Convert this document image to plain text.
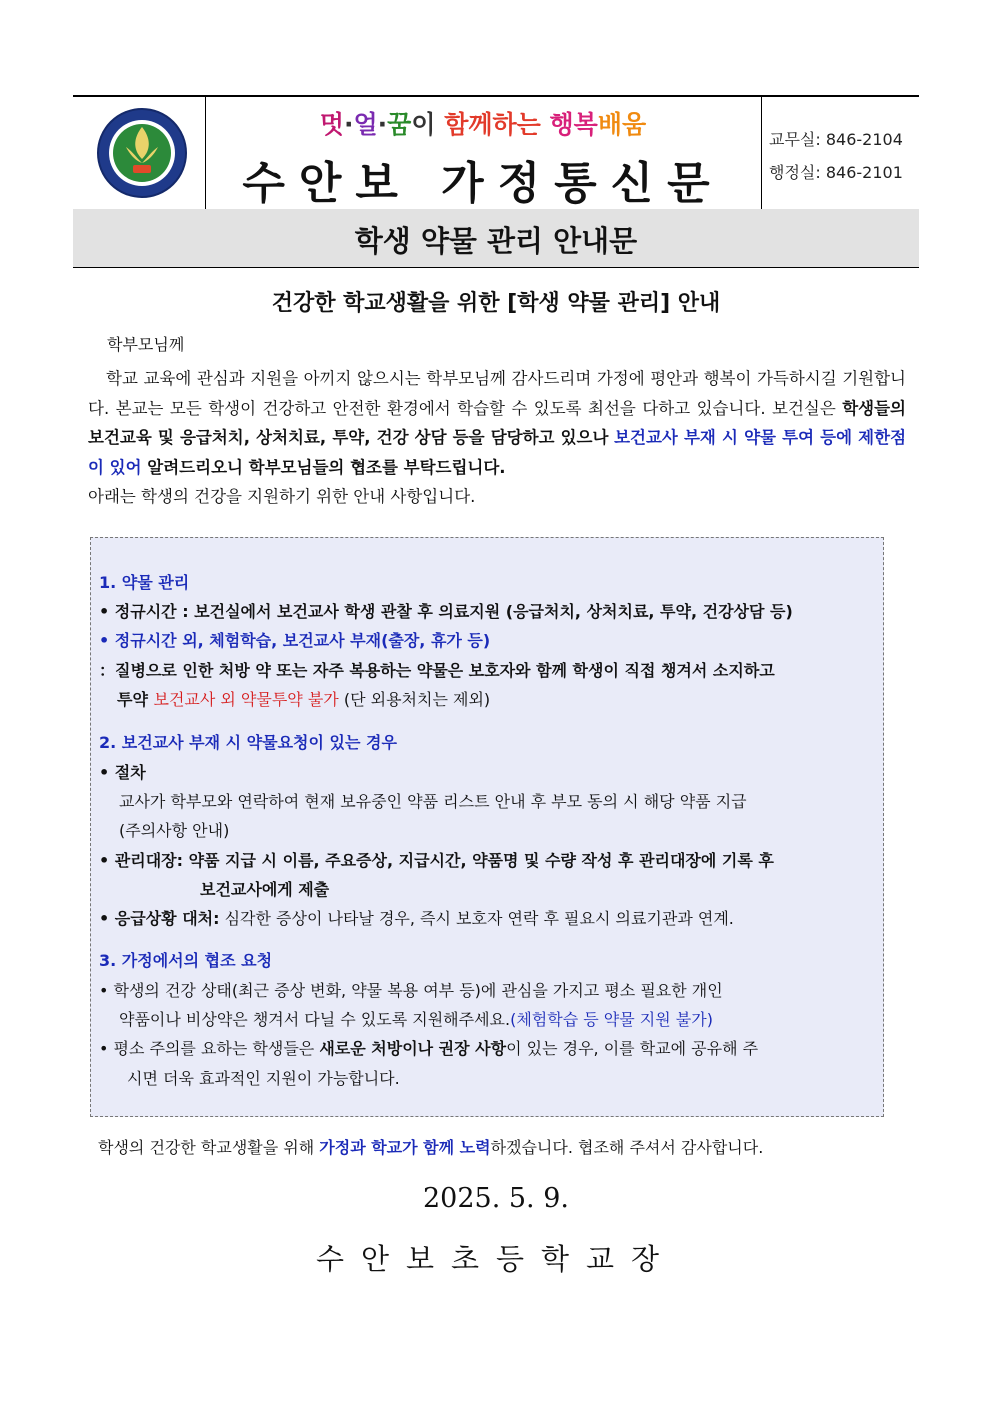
멋·얼·꿈이 함께하는 행복배움
수안보 가정통신문
교무실: 846-2104
행정실: 846-2101
학생 약물 관리 안내문
건강한 학교생활을 위한 [학생 약물 관리] 안내
학부모님께
학교 교육에 관심과 지원을 아끼지 않으시는 학부모님께 감사드리며 가정에 평안과 행복이 가득하시길 기원합니다. 본교는 모든 학생이 건강하고 안전한 환경에서 학습할 수 있도록 최선을 다하고 있습니다. 보건실은 학생들의 보건교육 및 응급처치, 상처치료, 투약, 건강 상담 등을 담당하고 있으나 보건교사 부재 시 약물 투여 등에 제한점이 있어 알려드리오니 학부모님들의 협조를 부탁드립니다.
아래는 학생의 건강을 지원하기 위한 안내 사항입니다.
1. 약물 관리
• 정규시간 : 보건실에서 보건교사 학생 관찰 후 의료지원 (응급처치, 상처치료, 투약, 건강상담 등)
• 정규시간 외, 체험학습, 보건교사 부재(출장, 휴가 등)
：질병으로 인한 처방 약 또는 자주 복용하는 약물은 보호자와 함께 학생이 직접 챙겨서 소지하고
투약 보건교사 외 약물투약 불가 (단 외용처치는 제외)
2. 보건교사 부재 시 약물요청이 있는 경우
• 절차
교사가 학부모와 연락하여 현재 보유중인 약품 리스트 안내 후 부모 동의 시 해당 약품 지급
(주의사항 안내)
• 관리대장: 약품 지급 시 이름, 주요증상, 지급시간, 약품명 및 수량 작성 후 관리대장에 기록 후
보건교사에게 제출
• 응급상황 대처: 심각한 증상이 나타날 경우, 즉시 보호자 연락 후 필요시 의료기관과 연계.
3. 가정에서의 협조 요청
• 학생의 건강 상태(최근 증상 변화, 약물 복용 여부 등)에 관심을 가지고 평소 필요한 개인
약품이나 비상약은 챙겨서 다닐 수 있도록 지원해주세요.(체험학습 등 약물 지원 불가)
• 평소 주의를 요하는 학생들은 새로운 처방이나 권장 사항이 있는 경우, 이를 학교에 공유해 주
시면 더욱 효과적인 지원이 가능합니다.
학생의 건강한 학교생활을 위해 가정과 학교가 함께 노력하겠습니다. 협조해 주셔서 감사합니다.
2025. 5. 9.
수안보초등학교장
